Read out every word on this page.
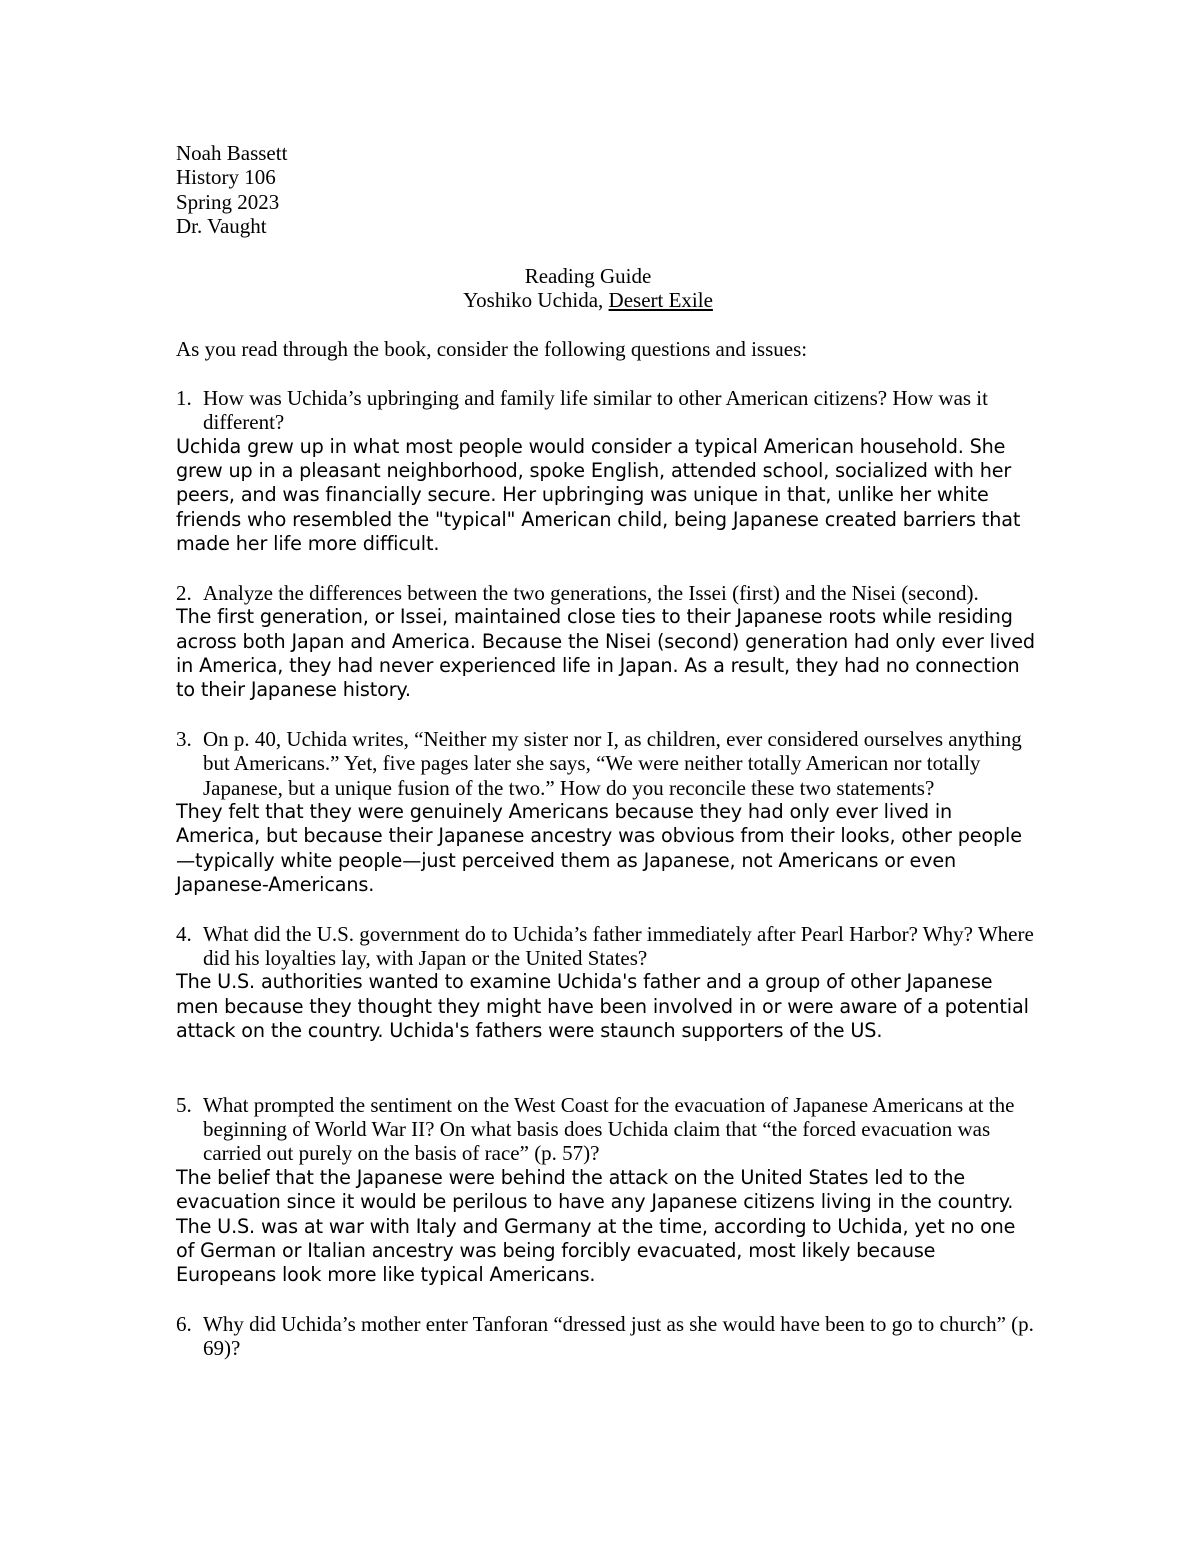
Noah Bassett
History 106
Spring 2023
Dr. Vaught
Reading Guide
Yoshiko Uchida, Desert Exile
As you read through the book, consider the following questions and issues:
1. How was Uchida’s upbringing and family life similar to other American citizens? How was it different?
Uchida grew up in what most people would consider a typical American household. She grew up in a pleasant neighborhood, spoke English, attended school, socialized with her peers, and was financially secure. Her upbringing was unique in that, unlike her white friends who resembled the "typical" American child, being Japanese created barriers that made her life more difficult.
2. Analyze the differences between the two generations, the Issei (first) and the Nisei (second).
The first generation, or Issei, maintained close ties to their Japanese roots while residing across both Japan and America. Because the Nisei (second) generation had only ever lived in America, they had never experienced life in Japan. As a result, they had no connection to their Japanese history.
3. On p. 40, Uchida writes, “Neither my sister nor I, as children, ever considered ourselves anything but Americans.” Yet, five pages later she says, “We were neither totally American nor totally Japanese, but a unique fusion of the two.” How do you reconcile these two statements?
They felt that they were genuinely Americans because they had only ever lived in America, but because their Japanese ancestry was obvious from their looks, other people—typically white people—just perceived them as Japanese, not Americans or even Japanese-Americans.
4. What did the U.S. government do to Uchida’s father immediately after Pearl Harbor? Why? Where did his loyalties lay, with Japan or the United States?
The U.S. authorities wanted to examine Uchida's father and a group of other Japanese men because they thought they might have been involved in or were aware of a potential attack on the country. Uchida's fathers were staunch supporters of the US.
5. What prompted the sentiment on the West Coast for the evacuation of Japanese Americans at the beginning of World War II? On what basis does Uchida claim that “the forced evacuation was carried out purely on the basis of race” (p. 57)?
The belief that the Japanese were behind the attack on the United States led to the evacuation since it would be perilous to have any Japanese citizens living in the country. The U.S. was at war with Italy and Germany at the time, according to Uchida, yet no one of German or Italian ancestry was being forcibly evacuated, most likely because Europeans look more like typical Americans.
6. Why did Uchida’s mother enter Tanforan “dressed just as she would have been to go to church” (p. 69)?
